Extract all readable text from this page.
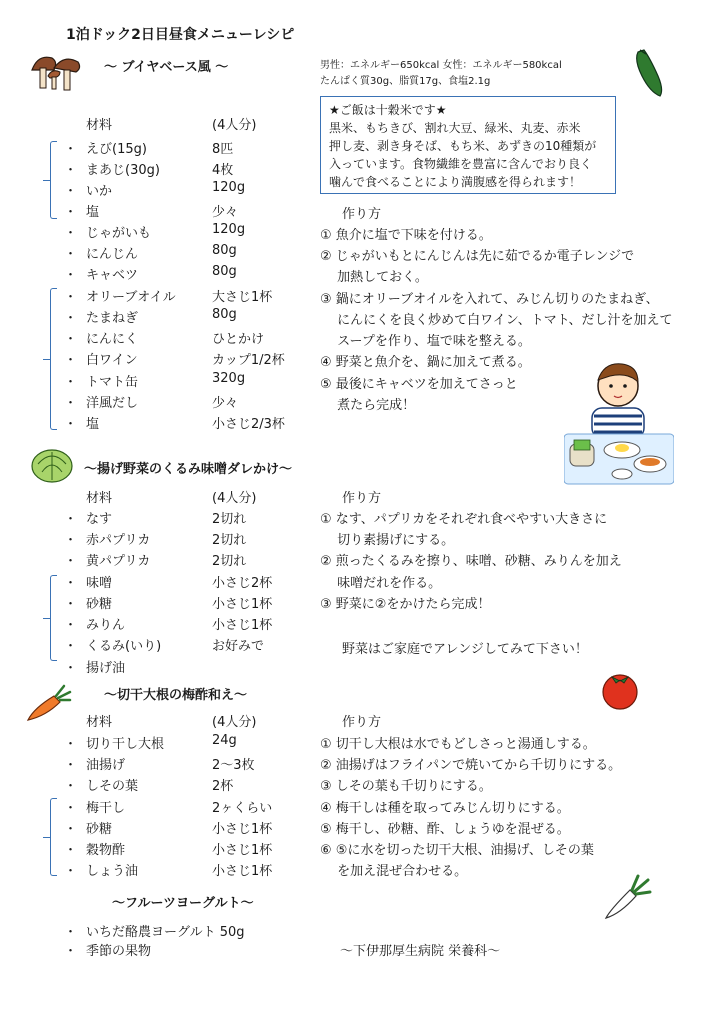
1泊ドック2日目昼食メニューレシピ
～ ブイヤベース風 ～	男性：エネルギー650kcal 女性：エネルギー580kcal
たんぱく質30g、脂質17g、食塩2.1g
★ご飯は十穀米です★
黒米、もちきび、割れ大豆、緑米、丸麦、赤米
押し麦、剥き身そば、もち米、あずきの10種類が
入っています。食物繊維を豊富に含んでおり良く
噛んで食べることにより満腹感を得られます！
材料	(4人分)
・ えび(15g)	8匹
・ まあじ(30g)	4枚
・ いか	120g
・ 塩	少々
・ じゃがいも	120g
・ にんじん	80g
・ キャベツ	80g
・ オリーブオイル	大さじ1杯
・ たまねぎ	80g
・ にんにく	ひとかけ
・ 白ワイン	カップ1/2杯
・ トマト缶	320g
・ 洋風だし	少々
・ 塩	小さじ2/3杯
作り方
① 魚介に塩で下味を付ける。
② じゃがいもとにんじんは先に茹でるか電子レンジで
　 加熱しておく。
③ 鍋にオリーブオイルを入れて、みじん切りのたまねぎ、
　 にんにくを良く炒めて白ワイン、トマト、だし汁を加えて
　 スープを作り、塩で味を整える。
④ 野菜と魚介を、鍋に加えて煮る。
⑤ 最後にキャベツを加えてさっと
　 煮たら完成！
～揚げ野菜のくるみ味噌ダレかけ～
材料	(4人分)	作り方
・ なす	2切れ
・ 赤パプリカ	2切れ
・ 黄パプリカ	2切れ
・ 味噌	小さじ2杯
・ 砂糖	小さじ1杯
・ みりん	小さじ1杯
・ くるみ(いり)	お好みで
・ 揚げ油
① なす、パプリカをそれぞれ食べやすい大きさに
　 切り素揚げにする。
② 煎ったくるみを擦り、味噌、砂糖、みりんを加え
　 味噌だれを作る。
③ 野菜に②をかけたら完成！
野菜はご家庭でアレンジしてみて下さい！
～切干大根の梅酢和え～
材料	(4人分)	作り方
・ 切り干し大根	24g
・ 油揚げ	2～3枚
・ しその葉	2杯
・ 梅干し	2ヶくらい
・ 砂糖	小さじ1杯
・ 穀物酢	小さじ1杯
・ しょう油	小さじ1杯
① 切干し大根は水でもどしさっと湯通しする。
② 油揚げはフライパンで焼いてから千切りにする。
③ しその葉も千切りにする。
④ 梅干しは種を取ってみじん切りにする。
⑤ 梅干し、砂糖、酢、しょうゆを混ぜる。
⑥ ⑤に水を切った切干大根、油揚げ、しその葉
　 を加え混ぜ合わせる。
～フルーツヨーグルト～
・ いちだ酪農ヨーグルト 50g
・ 季節の果物	～下伊那厚生病院 栄養科～
